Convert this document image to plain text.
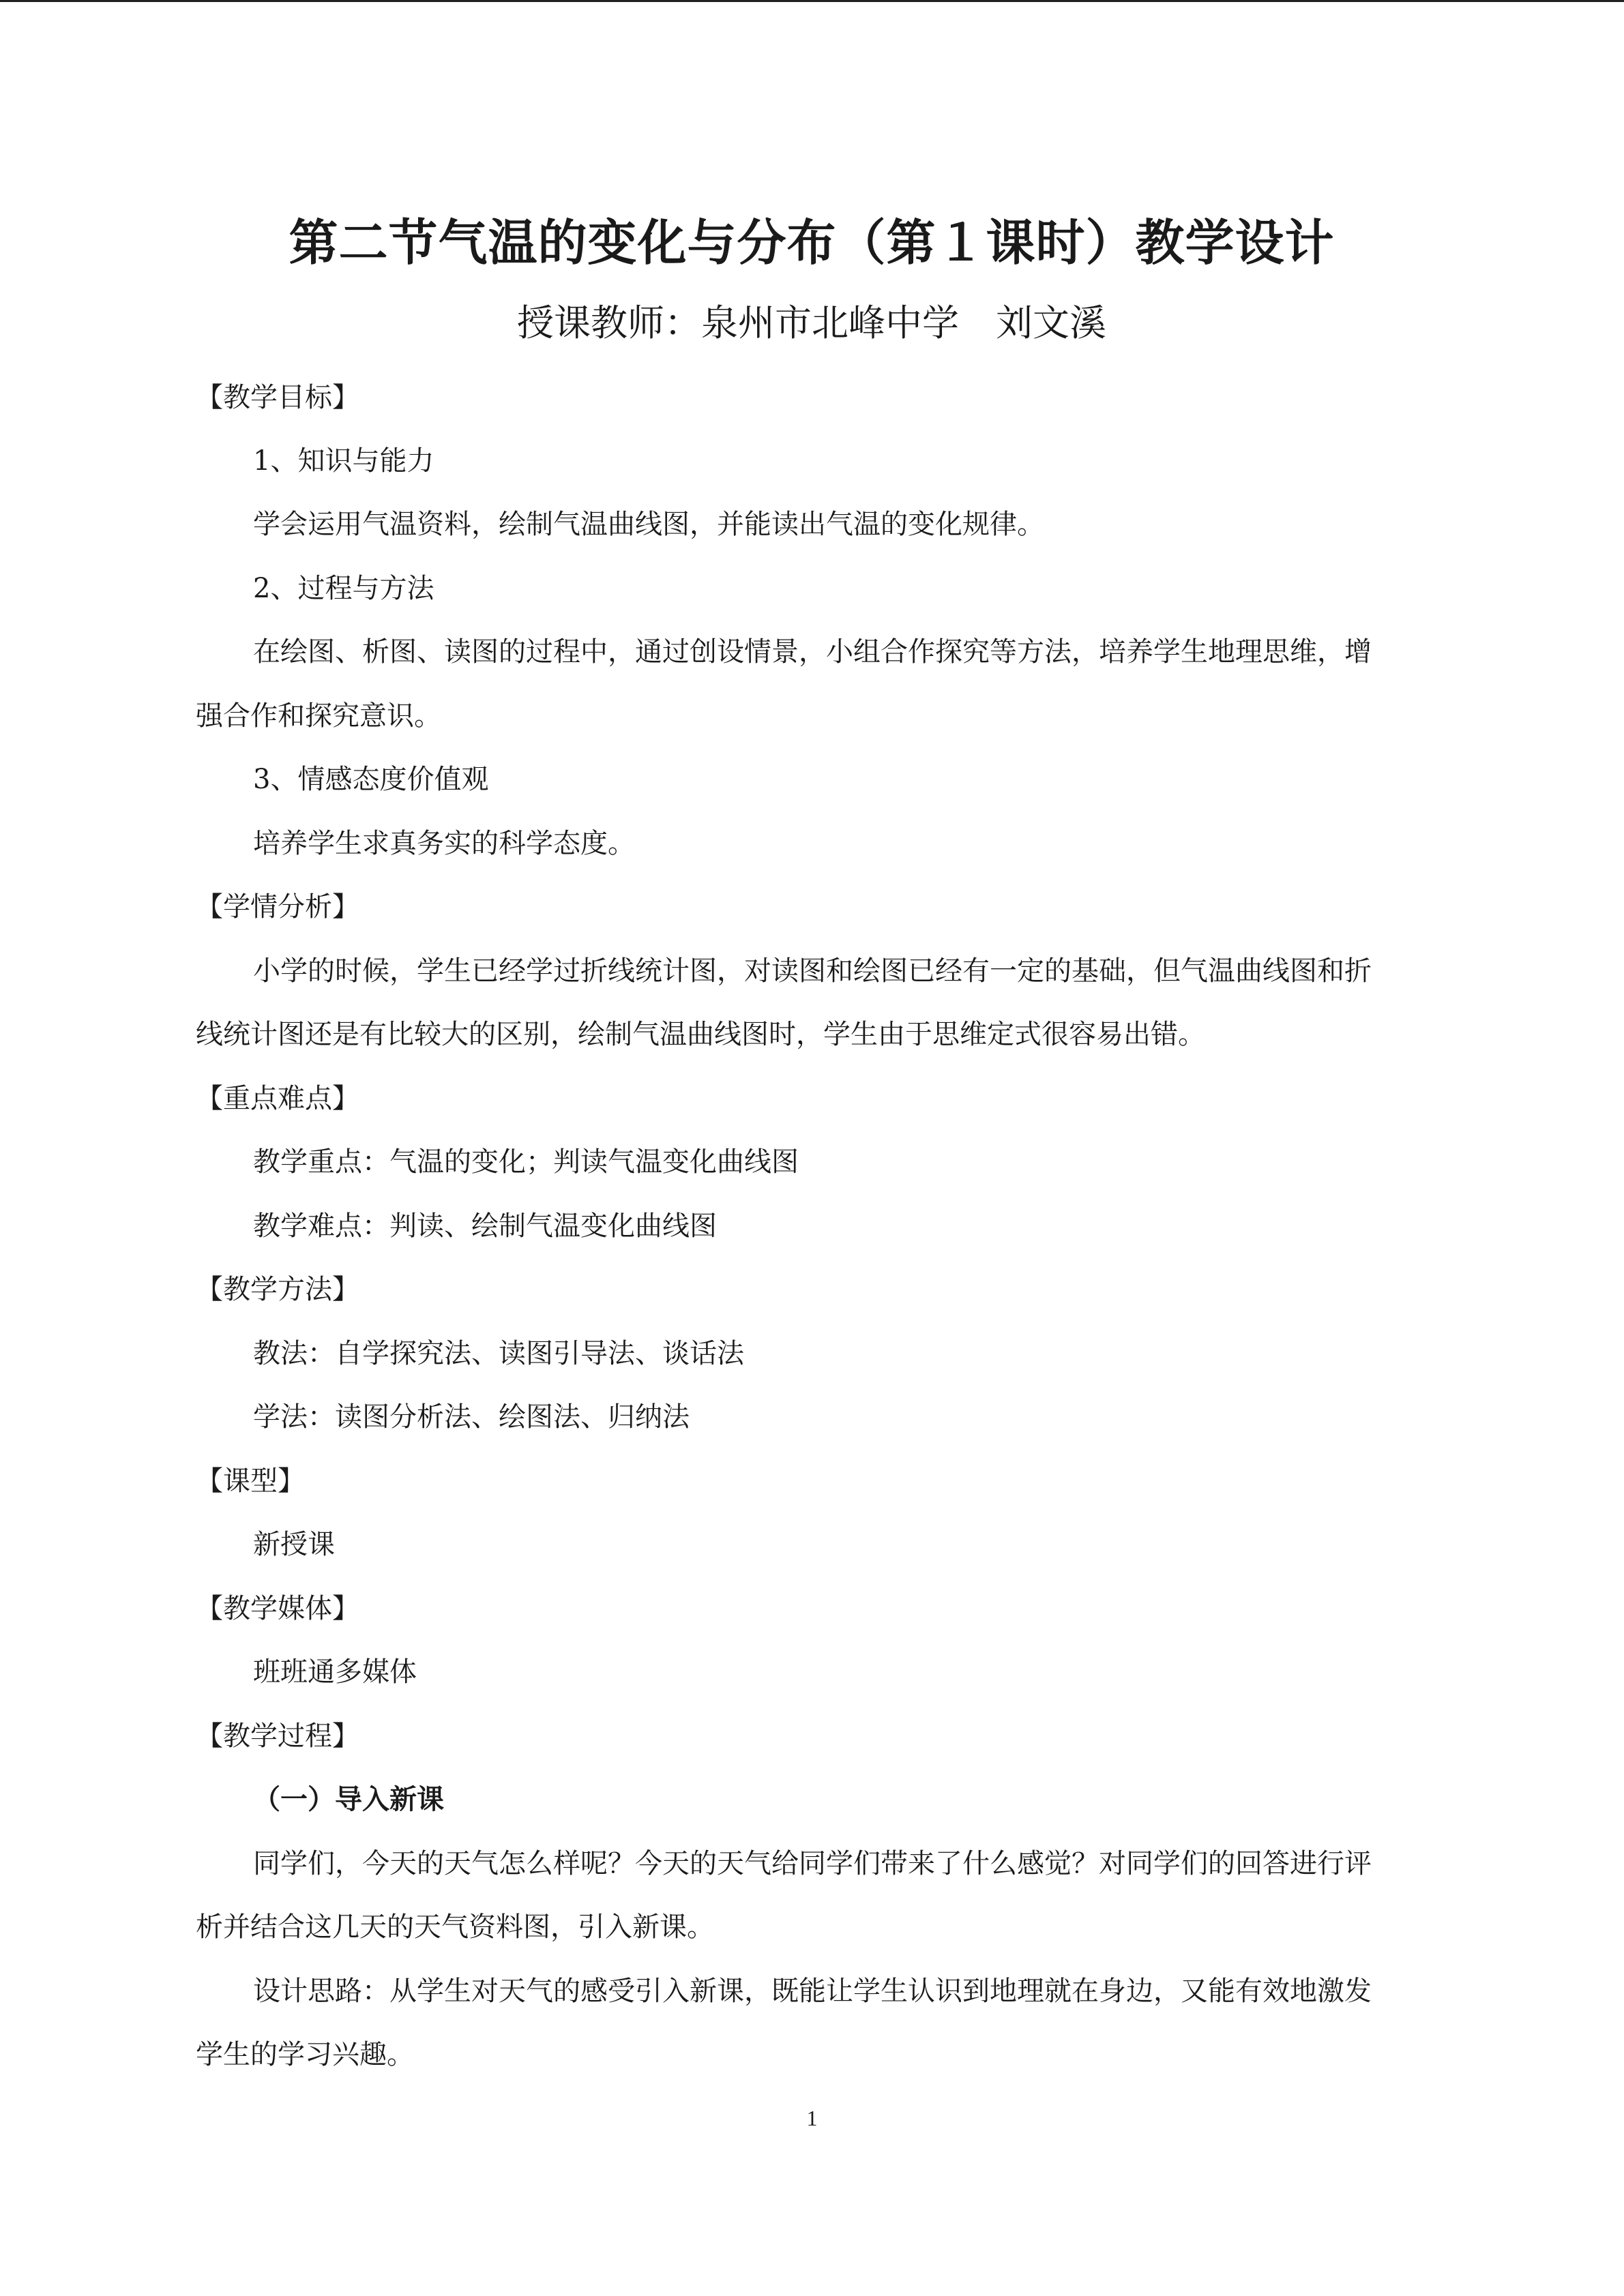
第二节气温的变化与分布（第１课时）教学设计
授课教师：泉州市北峰中学　刘文溪
【教学目标】
1、知识与能力
学会运用气温资料，绘制气温曲线图，并能读出气温的变化规律。
2、过程与方法
在绘图、析图、读图的过程中，通过创设情景，小组合作探究等方法，培养学生地理思维，增
强合作和探究意识。
3、情感态度价值观
培养学生求真务实的科学态度。
【学情分析】
小学的时候，学生已经学过折线统计图，对读图和绘图已经有一定的基础，但气温曲线图和折
线统计图还是有比较大的区别，绘制气温曲线图时，学生由于思维定式很容易出错。
【重点难点】
教学重点：气温的变化；判读气温变化曲线图
教学难点：判读、绘制气温变化曲线图
【教学方法】
教法：自学探究法、读图引导法、谈话法
学法：读图分析法、绘图法、归纳法
【课型】
新授课
【教学媒体】
班班通多媒体
【教学过程】
（一）导入新课
同学们，今天的天气怎么样呢？今天的天气给同学们带来了什么感觉？对同学们的回答进行评
析并结合这几天的天气资料图，引入新课。
设计思路：从学生对天气的感受引入新课，既能让学生认识到地理就在身边，又能有效地激发
学生的学习兴趣。
1
